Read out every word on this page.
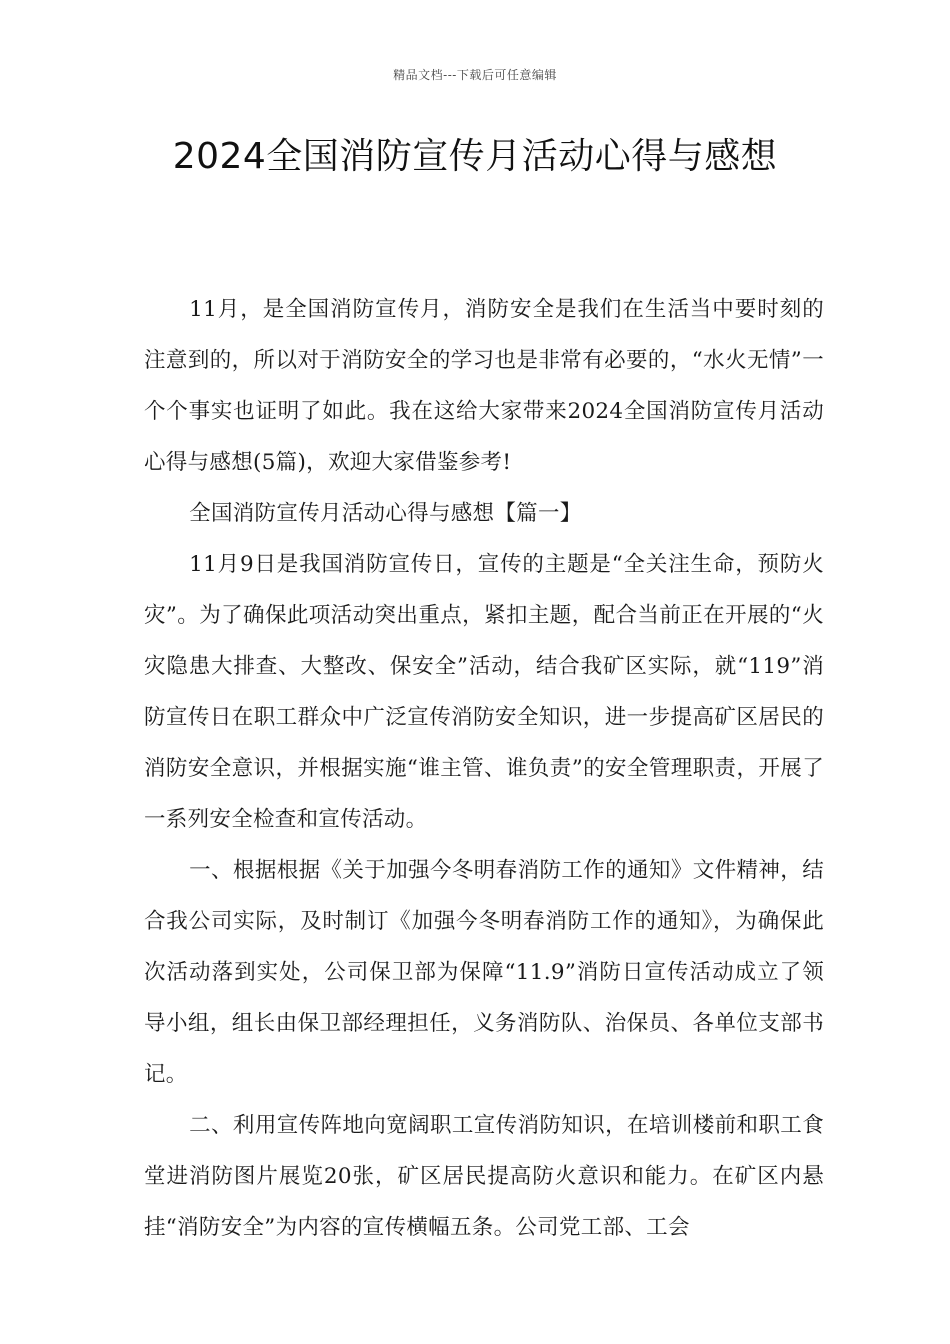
精品文档---下载后可任意编辑
2024全国消防宣传月活动心得与感想

11月，是全国消防宣传月，消防安全是我们在生活当中要时刻的注意到的，所以对于消防安全的学习也是非常有必要的，“水火无情”一个个事实也证明了如此。我在这给大家带来2024全国消防宣传月活动心得与感想(5篇)，欢迎大家借鉴参考!

全国消防宣传月活动心得与感想【篇一】

11月9日是我国消防宣传日，宣传的主题是“全关注生命，预防火灾”。为了确保此项活动突出重点，紧扣主题，配合当前正在开展的“火灾隐患大排查、大整改、保安全”活动，结合我矿区实际，就“119”消防宣传日在职工群众中广泛宣传消防安全知识，进一步提高矿区居民的消防安全意识，并根据实施“谁主管、谁负责”的安全管理职责，开展了一系列安全检查和宣传活动。

一、根据根据《关于加强今冬明春消防工作的通知》文件精神，结合我公司实际，及时制订《加强今冬明春消防工作的通知》，为确保此次活动落到实处，公司保卫部为保障“11.9”消防日宣传活动成立了领导小组，组长由保卫部经理担任，义务消防队、治保员、各单位支部书记。

二、利用宣传阵地向宽阔职工宣传消防知识，在培训楼前和职工食堂进消防图片展览20张，矿区居民提高防火意识和能力。在矿区内悬挂“消防安全”为内容的宣传横幅五条。公司党工部、工会
